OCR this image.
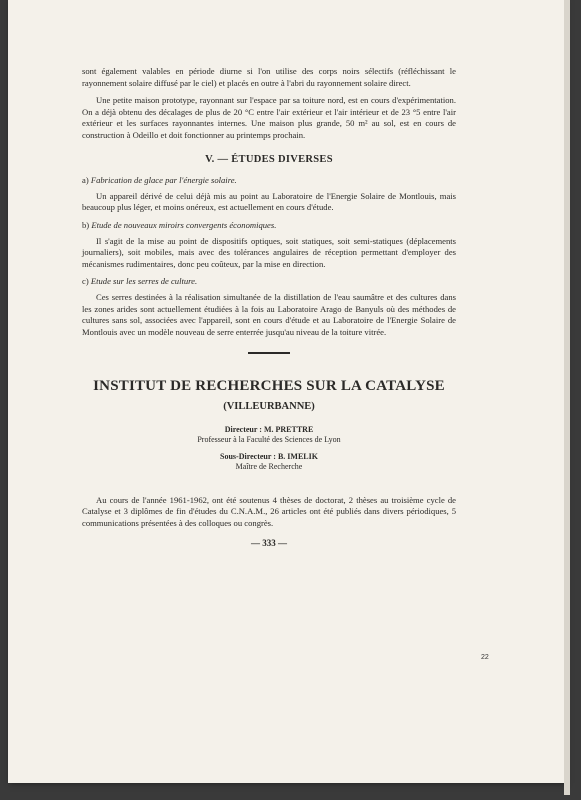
sont également valables en période diurne si l'on utilise des corps noirs sélectifs (réfléchissant le rayonnement solaire diffusé par le ciel) et placés en outre à l'abri du rayonnement solaire direct.

Une petite maison prototype, rayonnant sur l'espace par sa toiture nord, est en cours d'expérimentation. On a déjà obtenu des décalages de plus de 20 °C entre l'air extérieur et l'air intérieur et de 23 °5 entre l'air extérieur et les surfaces rayonnantes internes. Une maison plus grande, 50 m² au sol, est en cours de construction à Odeillo et doit fonctionner au printemps prochain.

V. — ÉTUDES DIVERSES

a) Fabrication de glace par l'énergie solaire.

Un appareil dérivé de celui déjà mis au point au Laboratoire de l'Energie Solaire de Montlouis, mais beaucoup plus léger, et moins onéreux, est actuellement en cours d'étude.

b) Etude de nouveaux miroirs convergents économiques.

Il s'agit de la mise au point de dispositifs optiques, soit statiques, soit semi-statiques (déplacements journaliers), soit mobiles, mais avec des tolérances angulaires de réception permettant d'employer des mécanismes rudimentaires, donc peu coûteux, par la mise en direction.

c) Etude sur les serres de culture.

Ces serres destinées à la réalisation simultanée de la distillation de l'eau saumâtre et des cultures dans les zones arides sont actuellement étudiées à la fois au Laboratoire Arago de Banyuls où des méthodes de cultures sans sol, associées avec l'appareil, sont en cours d'étude et au Laboratoire de l'Energie Solaire de Montlouis avec un modèle nouveau de serre enterrée jusqu'au niveau de la toiture vitrée.

INSTITUT DE RECHERCHES SUR LA CATALYSE
(VILLEURBANNE)
Directeur : M. PRETTRE
Professeur à la Faculté des Sciences de Lyon
Sous-Directeur : B. IMELIK
Maître de Recherche

Au cours de l'année 1961-1962, ont été soutenus 4 thèses de doctorat, 2 thèses au troisième cycle de Catalyse et 3 diplômes de fin d'études du C.N.A.M., 26 articles ont été publiés dans divers périodiques, 5 communications présentées à des colloques ou congrès.

— 333 —
22
